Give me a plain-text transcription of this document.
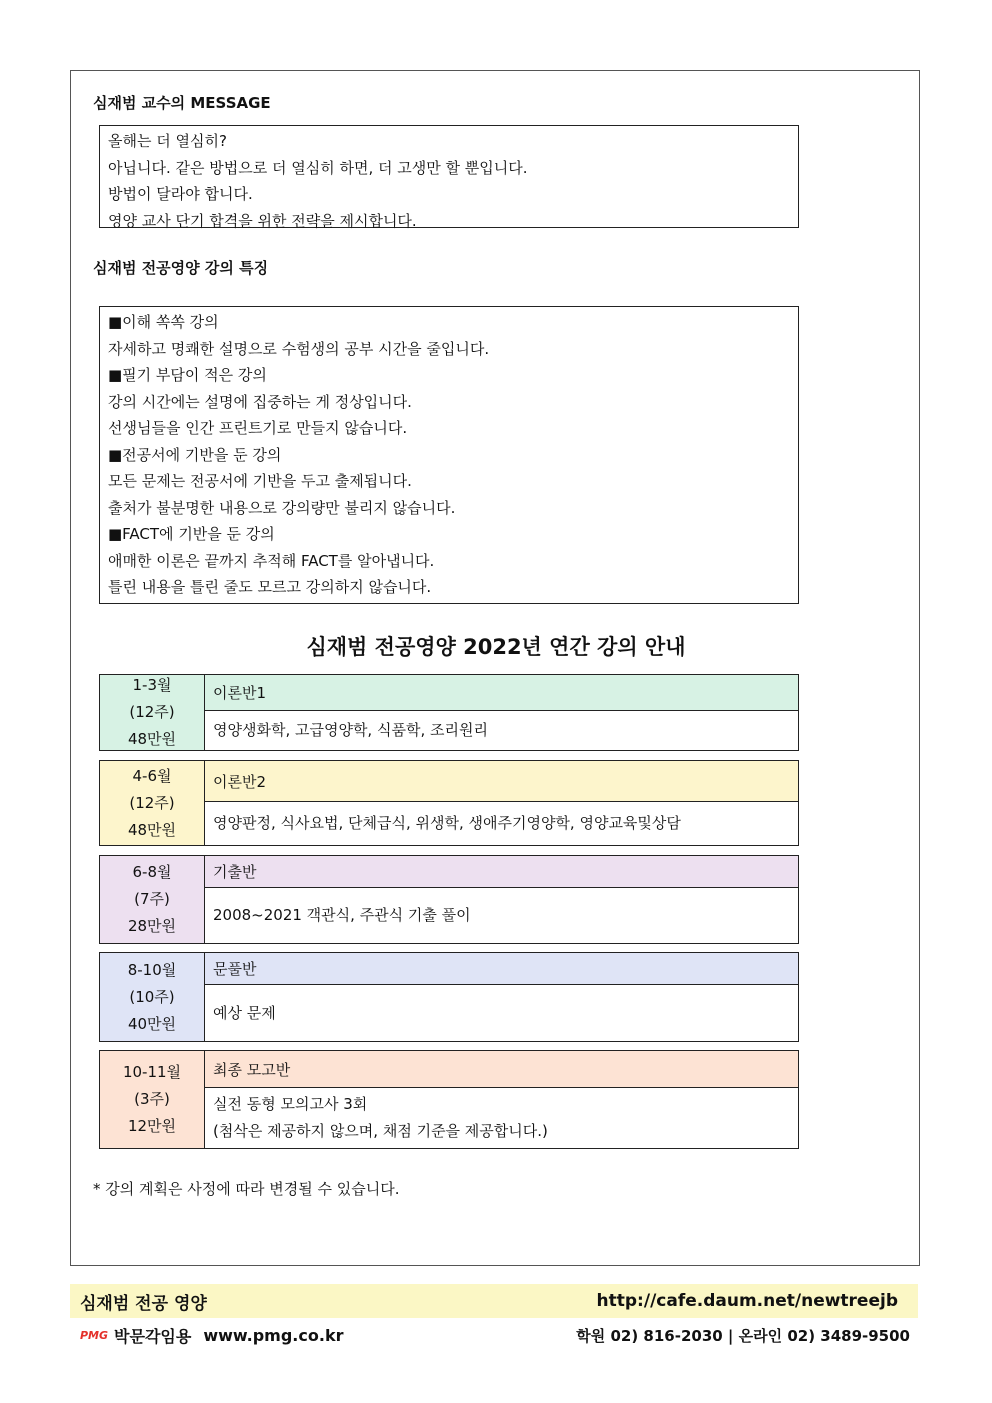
심재범 교수의 MESSAGE

올해는 더 열심히?

아닙니다. 같은 방법으로 더 열심히 하면, 더 고생만 할 뿐입니다.

방법이 달라야 합니다.

영양 교사 단기 합격을 위한 전략을 제시합니다.

심재범 전공영양 강의 특징

■이해 쏙쏙 강의

자세하고 명쾌한 설명으로 수험생의 공부 시간을 줄입니다.

■필기 부담이 적은 강의

강의 시간에는 설명에 집중하는 게 정상입니다.

선생님들을 인간 프린트기로 만들지 않습니다.

■전공서에 기반을 둔 강의

모든 문제는 전공서에 기반을 두고 출제됩니다.

출처가 불분명한 내용으로 강의량만 불리지 않습니다.

■FACT에 기반을 둔 강의

애매한 이론은 끝까지 추적해 FACT를 알아냅니다.

틀린 내용을 틀린 줄도 모르고 강의하지 않습니다.

심재범 전공영양 2022년 연간 강의 안내
1-3월
(12주)
48만원
이론반1
영양생화학, 고급영양학, 식품학, 조리원리
4-6월
(12주)
48만원
이론반2
영양판정, 식사요법, 단체급식, 위생학, 생애주기영양학, 영양교육및상담
6-8월
(7주)
28만원
기출반
2008~2021 객관식, 주관식 기출 풀이
8-10월
(10주)
40만원
문풀반
예상 문제
10-11월
(3주)
12만원
최종 모고반
실전 동형 모의고사 3회
(첨삭은 제공하지 않으며, 채점 기준을 제공합니다.)
* 강의 계획은 사정에 따라 변경될 수 있습니다.
심재범 전공 영양	http://cafe.daum.net/newtreejb
PMG 박문각임용 www.pmg.co.kr	학원 02) 816-2030 | 온라인 02) 3489-9500
